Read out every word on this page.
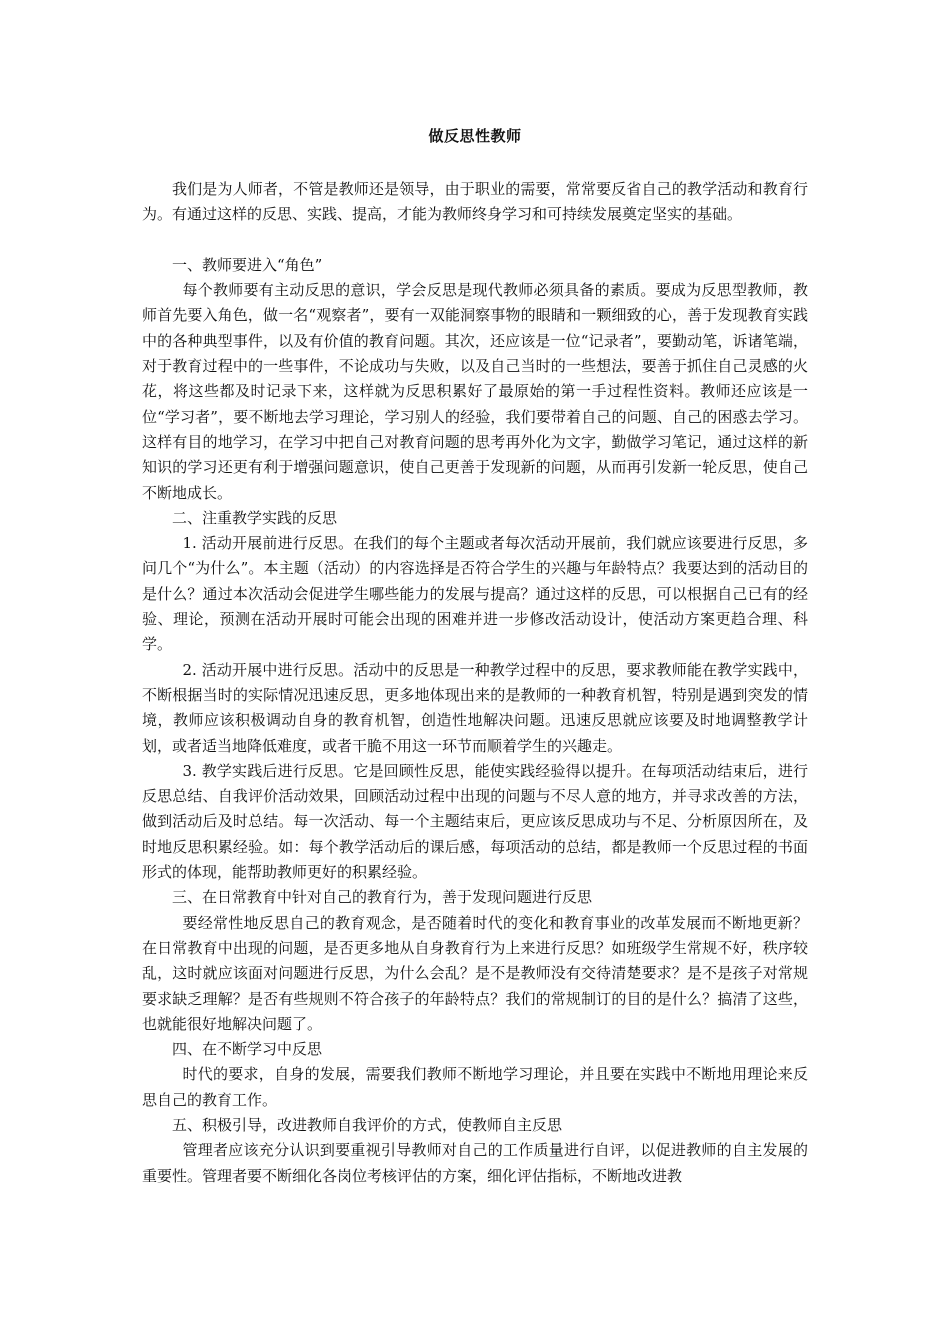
做反思性教师

我们是为人师者，不管是教师还是领导，由于职业的需要，常常要反省自己的教学活动和教育行为。有通过这样的反思、实践、提高，才能为教师终身学习和可持续发展奠定坚实的基础。

一、教师要进入“角色”

每个教师要有主动反思的意识，学会反思是现代教师必须具备的素质。要成为反思型教师，教师首先要入角色，做一名“观察者”，要有一双能洞察事物的眼睛和一颗细致的心，善于发现教育实践中的各种典型事件，以及有价值的教育问题。其次，还应该是一位“记录者”，要勤动笔，诉诸笔端，对于教育过程中的一些事件，不论成功与失败，以及自己当时的一些想法，要善于抓住自己灵感的火花，将这些都及时记录下来，这样就为反思积累好了最原始的第一手过程性资料。教师还应该是一位“学习者”，要不断地去学习理论，学习别人的经验，我们要带着自己的问题、自己的困惑去学习。这样有目的地学习，在学习中把自己对教育问题的思考再外化为文字，勤做学习笔记，通过这样的新知识的学习还更有利于增强问题意识，使自己更善于发现新的问题，从而再引发新一轮反思，使自己不断地成长。

二、注重教学实践的反思

1. 活动开展前进行反思。在我们的每个主题或者每次活动开展前，我们就应该要进行反思，多问几个“为什么”。本主题（活动）的内容选择是否符合学生的兴趣与年龄特点？我要达到的活动目的是什么？通过本次活动会促进学生哪些能力的发展与提高？通过这样的反思，可以根据自己已有的经验、理论，预测在活动开展时可能会出现的困难并进一步修改活动设计，使活动方案更趋合理、科学。

2. 活动开展中进行反思。活动中的反思是一种教学过程中的反思，要求教师能在教学实践中，不断根据当时的实际情况迅速反思，更多地体现出来的是教师的一种教育机智，特别是遇到突发的情境，教师应该积极调动自身的教育机智，创造性地解决问题。迅速反思就应该要及时地调整教学计划，或者适当地降低难度，或者干脆不用这一环节而顺着学生的兴趣走。

3. 教学实践后进行反思。它是回顾性反思，能使实践经验得以提升。在每项活动结束后，进行反思总结、自我评价活动效果，回顾活动过程中出现的问题与不尽人意的地方，并寻求改善的方法，做到活动后及时总结。每一次活动、每一个主题结束后，更应该反思成功与不足、分析原因所在，及时地反思积累经验。如：每个教学活动后的课后感，每项活动的总结，都是教师一个反思过程的书面形式的体现，能帮助教师更好的积累经验。

三、在日常教育中针对自己的教育行为，善于发现问题进行反思

要经常性地反思自己的教育观念，是否随着时代的变化和教育事业的改革发展而不断地更新？在日常教育中出现的问题，是否更多地从自身教育行为上来进行反思？如班级学生常规不好，秩序较乱，这时就应该面对问题进行反思，为什么会乱？是不是教师没有交待清楚要求？是不是孩子对常规要求缺乏理解？是否有些规则不符合孩子的年龄特点？我们的常规制订的目的是什么？搞清了这些，也就能很好地解决问题了。

四、在不断学习中反思

时代的要求，自身的发展，需要我们教师不断地学习理论，并且要在实践中不断地用理论来反思自己的教育工作。

五、积极引导，改进教师自我评价的方式，使教师自主反思

管理者应该充分认识到要重视引导教师对自己的工作质量进行自评，以促进教师的自主发展的重要性。管理者要不断细化各岗位考核评估的方案，细化评估指标，不断地改进教
